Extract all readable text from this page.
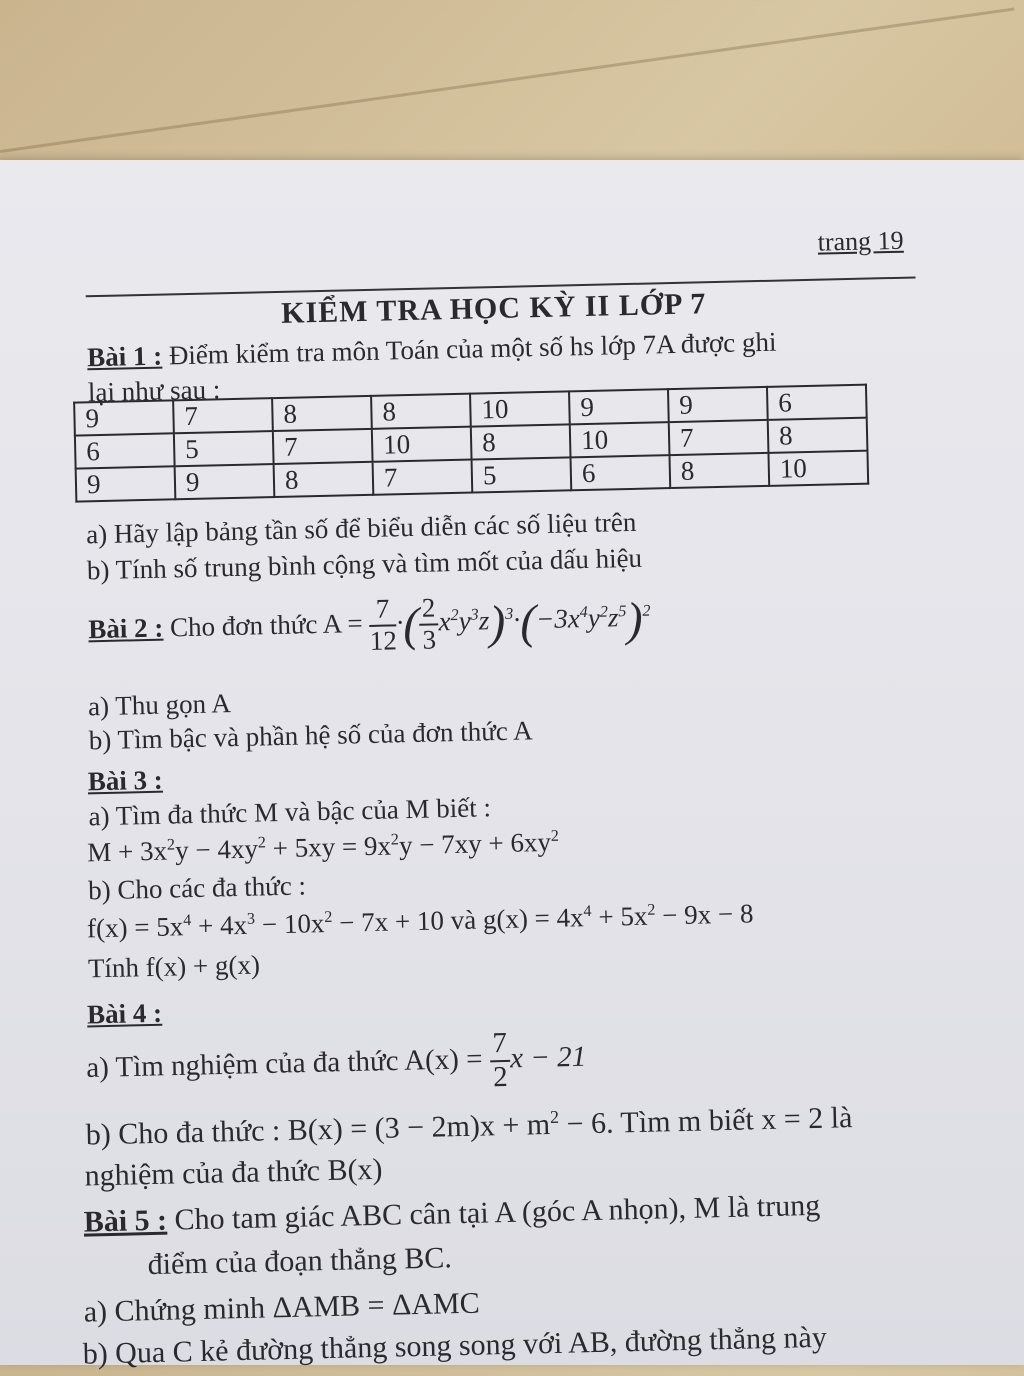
trang 19
KIỂM TRA HỌC KỲ II LỚP 7
Bài 1 : Điểm kiểm tra môn Toán của một số hs lớp 7A được ghi
lại như sau :
9	7	8	8	10	9	9	6
6	5	7	10	8	10	7	8
9	9	8	7	5	6	8	10
a) Hãy lập bảng tần số để biểu diễn các số liệu trên
b) Tính số trung bình cộng và tìm mốt của dấu hiệu
Bài 2 : Cho đơn thức $A = \frac{7}{12}$
·(
$\frac{2}{3}$
$x^2y^3z)^3\cdot(-3x^4y^2z^5)^2$
a) Thu gọn A
b) Tìm bậc và phần hệ số của đơn thức A
Bài 3 :
a) Tìm đa thức M và bậc của M biết :
$M + 3x^2y - 4xy^2 + 5xy = 9x^2y - 7xy + 6xy^2$
b) Cho các đa thức :
$f(x) = 5x^4 + 4x^3 - 10x^2 - 7x + 10$ và $g(x) = 4x^4 + 5x^2 - 9x - 8$
Tính f(x) + g(x)
Bài 4 :
a) Tìm nghiệm của đa thức A(x) =
$\frac{7}{2}$
x − 21
b) Cho đa thức : $B(x) = (3 - 2m)x + m^2 - 6$. Tìm m biết x = 2 là
nghiệm của đa thức B(x)
Bài 5 : Cho tam giác ABC cân tại A (góc A nhọn), M là trung
điểm của đoạn thẳng BC.
a) Chứng minh ΔAMB = ΔAMC
b) Qua C kẻ đường thẳng song song với AB, đường thẳng này
